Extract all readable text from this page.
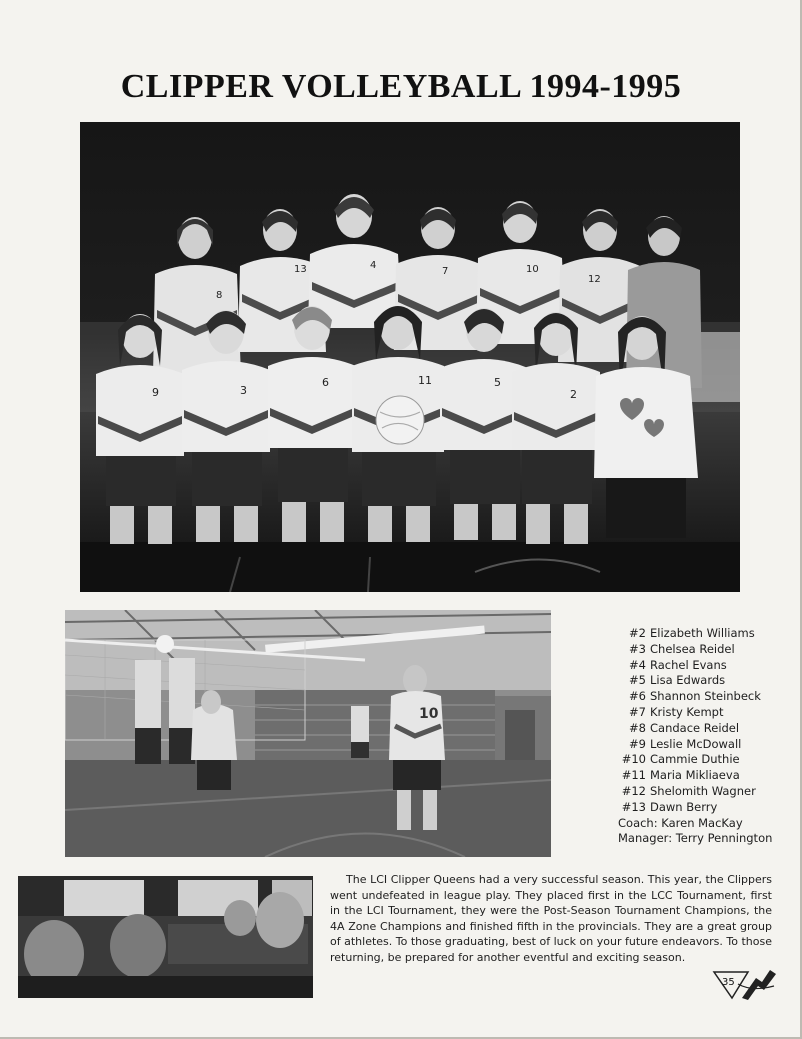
CLIPPER VOLLEYBALL 1994-1995
9	3
6	11	5
2
8
13	4
7	10
12
10
#2 Elizabeth Williams
#3 Chelsea Reidel
#4 Rachel Evans
#5 Lisa Edwards
#6 Shannon Steinbeck
#7 Kristy Kempt
#8 Candace Reidel
#9 Leslie McDowall
#10 Cammie Duthie
#11 Maria Mikliaeva
#12 Shelomith Wagner
#13 Dawn Berry
Coach: Karen MacKay
Manager: Terry Pennington

The LCI Clipper Queens had a very successful season. This year, the Clippers went undefeated in league play. They placed first in the LCC Tournament, first in the LCI Tournament, they were the Post-Season Tournament Champions, the 4A Zone Champions and finished fifth in the provincials. They are a great group of athletes. To those graduating, best of luck on your future endeavors. To those returning, be prepared for another eventful and exciting season.

35
